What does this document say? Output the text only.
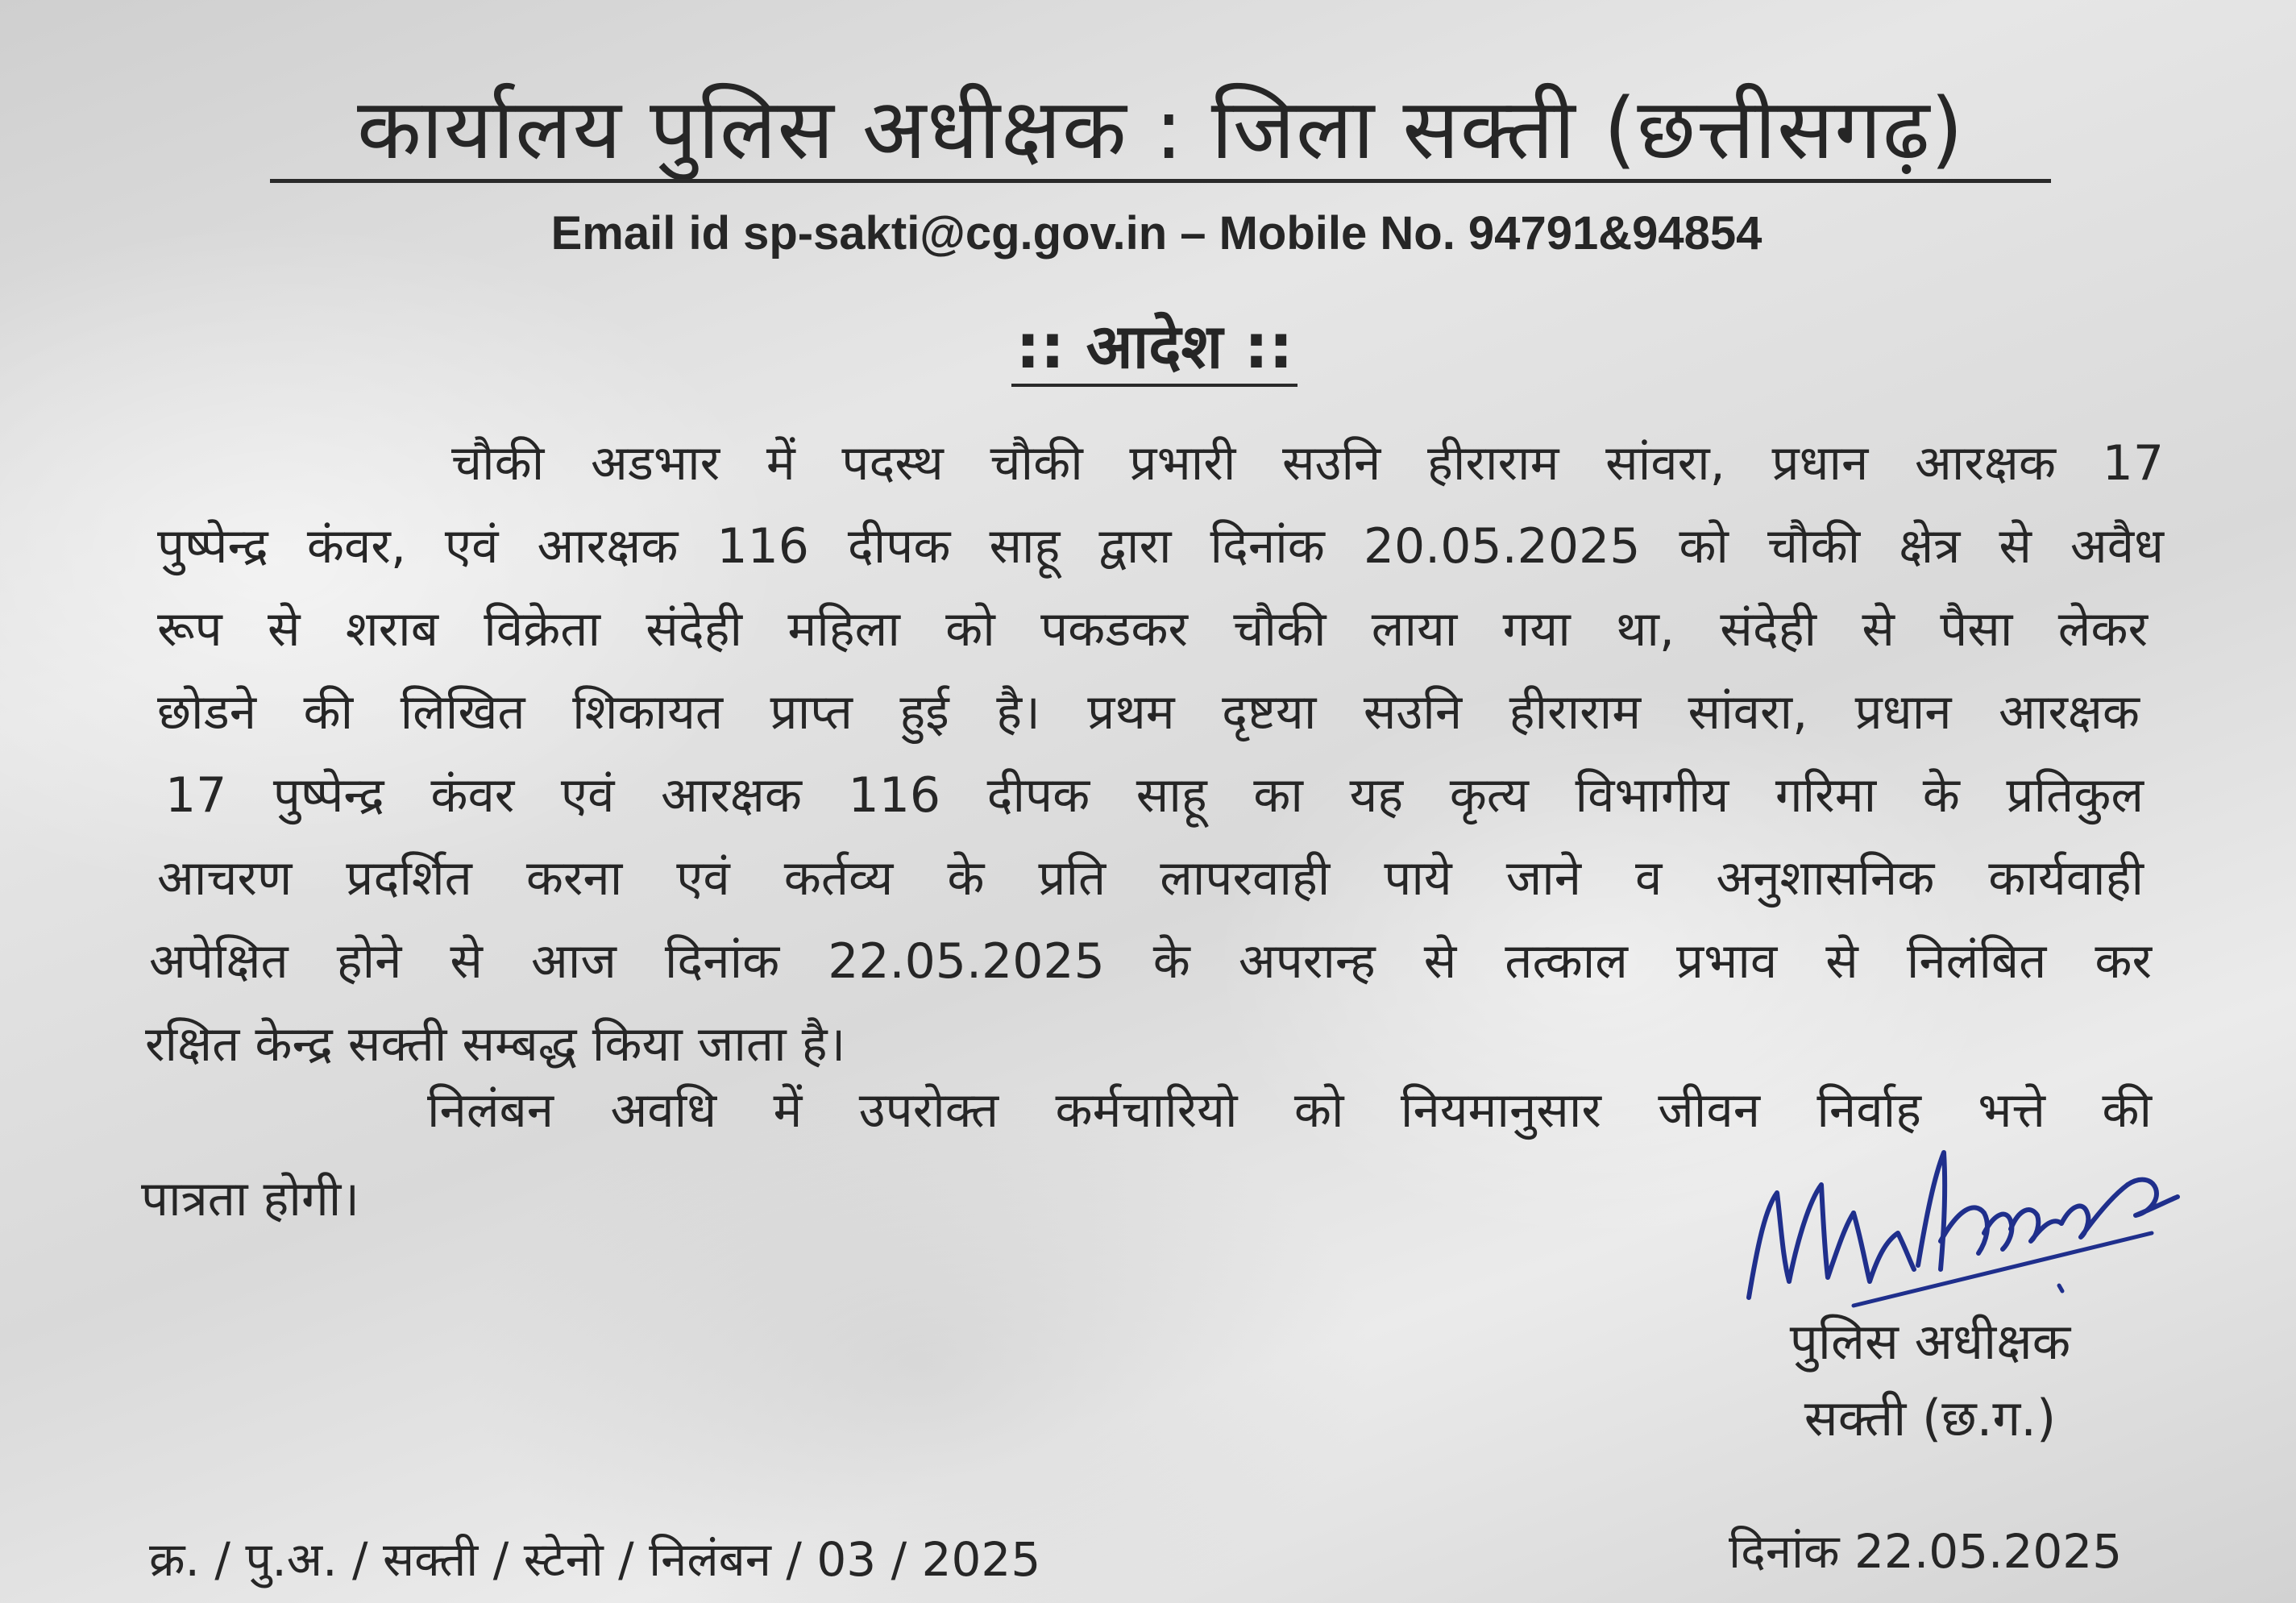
कार्यालय पुलिस अधीक्षक : जिला सक्ती (छत्तीसगढ़)
Email id sp-sakti@cg.gov.in – Mobile No. 94791&94854
:: आदेश ::
चौकी अडभार में पदस्थ चौकी प्रभारी सउनि हीराराम सांवरा, प्रधान आरक्षक 17
पुष्पेन्द्र कंवर, एवं आरक्षक 116 दीपक साहू द्वारा दिनांक 20.05.2025 को चौकी क्षेत्र से अवैध
रूप से शराब विक्रेता संदेही महिला को पकडकर चौकी लाया गया था, संदेही से पैसा लेकर
छोडने की लिखित शिकायत प्राप्त हुई है। प्रथम दृष्टया सउनि हीराराम सांवरा, प्रधान आरक्षक
17 पुष्पेन्द्र कंवर एवं आरक्षक 116 दीपक साहू का यह कृत्य विभागीय गरिमा के प्रतिकुल
आचरण प्रदर्शित करना एवं कर्तव्य के प्रति लापरवाही पाये जाने व अनुशासनिक कार्यवाही
अपेक्षित होने से आज दिनांक 22.05.2025 के अपरान्ह से तत्काल प्रभाव से निलंबित कर
रक्षित केन्द्र सक्ती सम्बद्ध किया जाता है।
निलंबन अवधि में उपरोक्त कर्मचारियो को नियमानुसार जीवन निर्वाह भत्ते की
पात्रता होगी।
पुलिस अधीक्षक
सक्ती (छ.ग.)
क्र. / पु.अ. / सक्ती / स्टेनो / निलंबन / 03 / 2025	दिनांक 22.05.2025
